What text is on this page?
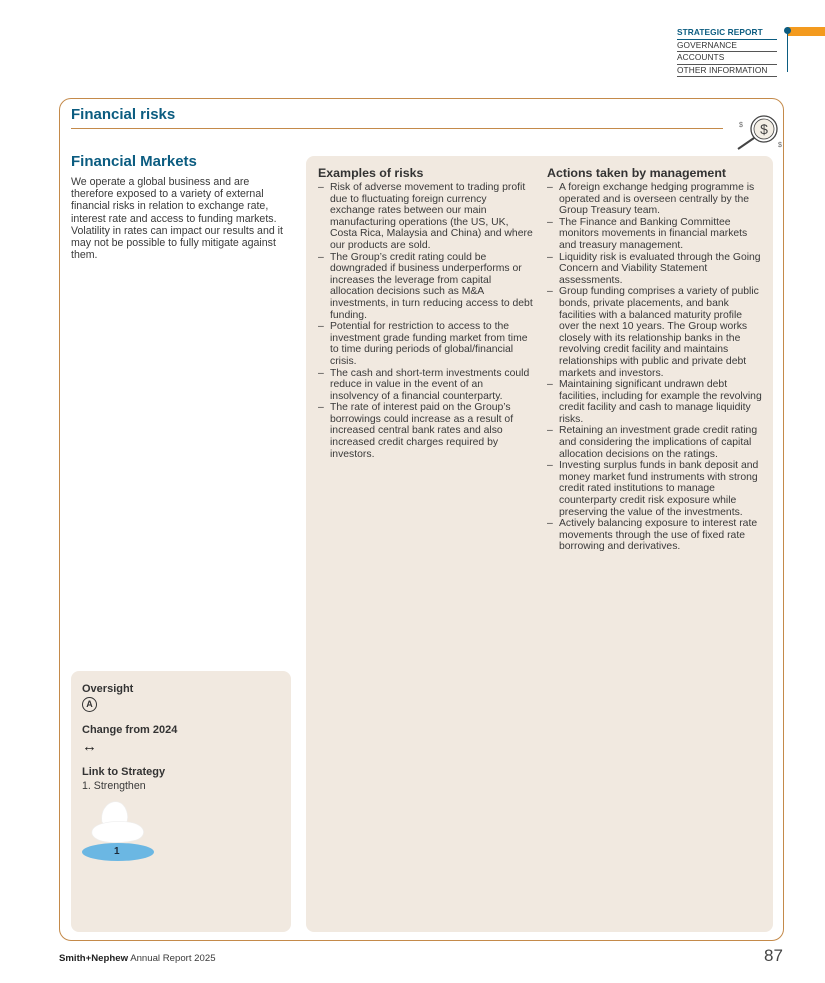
STRATEGIC REPORT
GOVERNANCE
ACCOUNTS
OTHER INFORMATION
Financial risks
$
$
$
Financial Markets
We operate a global business and are therefore exposed to a variety of external financial risks in relation to exchange rate, interest rate and access to funding markets. Volatility in rates can impact our results and it may not be possible to fully mitigate against them.
Examples of risks
– Risk of adverse movement to trading profit due to fluctuating foreign currency exchange rates between our main manufacturing operations (the US, UK, Costa Rica, Malaysia and China) and where our products are sold.
– The Group’s credit rating could be downgraded if business underperforms or increases the leverage from capital allocation decisions such as M&A investments, in turn reducing access to debt funding.
– Potential for restriction to access to the investment grade funding market from time to time during periods of global/financial crisis.
– The cash and short-term investments could reduce in value in the event of an insolvency of a financial counterparty.
– The rate of interest paid on the Group’s borrowings could increase as a result of increased central bank rates and also increased credit charges required by investors.
Actions taken by management
– A foreign exchange hedging programme is operated and is overseen centrally by the Group Treasury team.
– The Finance and Banking Committee monitors movements in financial markets and treasury management.
– Liquidity risk is evaluated through the Going Concern and Viability Statement assessments.
– Group funding comprises a variety of public bonds, private placements, and bank facilities with a balanced maturity profile over the next 10 years. The Group works closely with its relationship banks in the revolving credit facility and maintains relationships with public and private debt markets and investors.
– Maintaining significant undrawn debt facilities, including for example the revolving credit facility and cash to manage liquidity risks.
– Retaining an investment grade credit rating and considering the implications of capital allocation decisions on the ratings.
– Investing surplus funds in bank deposit and money market fund instruments with strong credit rated institutions to manage counterparty credit risk exposure while preserving the value of the investments.
– Actively balancing exposure to interest rate movements through the use of fixed rate borrowing and derivatives.
Oversight
A
Change from 2024
↔
Link to Strategy
1. Strengthen
1
Smith+Nephew Annual Report 2025	87
